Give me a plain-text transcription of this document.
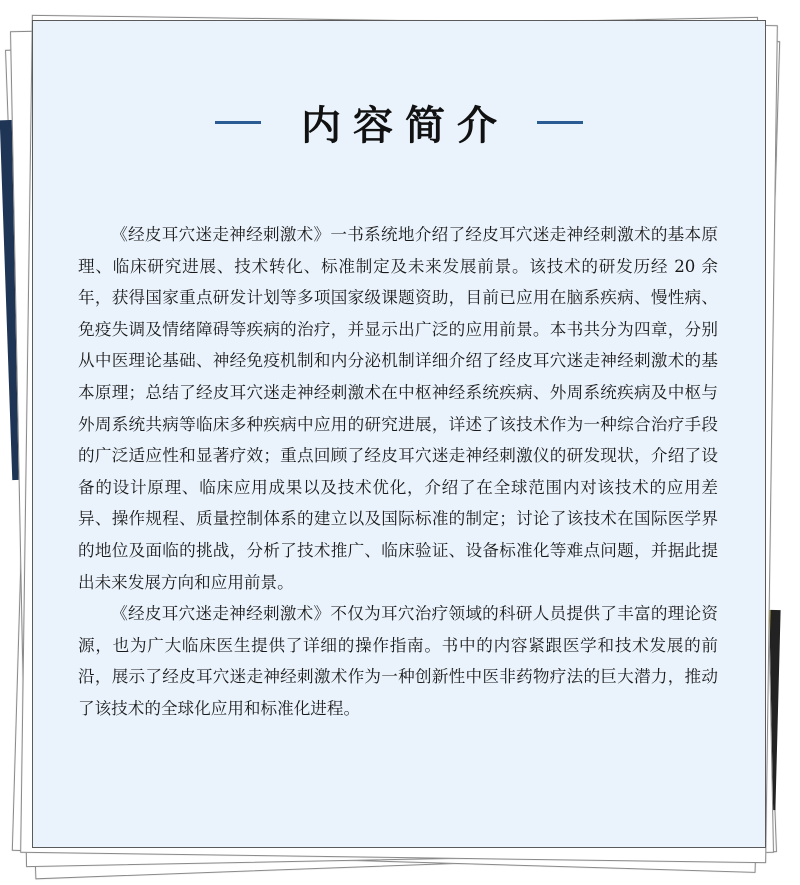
内容简介

《经皮耳穴迷走神经刺激术》一书系统地介绍了经皮耳穴迷走神经刺激术的基本原理、临床研究进展、技术转化、标准制定及未来发展前景。该技术的研发历经 20 余年，获得国家重点研发计划等多项国家级课题资助，目前已应用在脑系疾病、慢性病、免疫失调及情绪障碍等疾病的治疗，并显示出广泛的应用前景。本书共分为四章，分别从中医理论基础、神经免疫机制和内分泌机制详细介绍了经皮耳穴迷走神经刺激术的基本原理；总结了经皮耳穴迷走神经刺激术在中枢神经系统疾病、外周系统疾病及中枢与外周系统共病等临床多种疾病中应用的研究进展，详述了该技术作为一种综合治疗手段的广泛适应性和显著疗效；重点回顾了经皮耳穴迷走神经刺激仪的研发现状，介绍了设备的设计原理、临床应用成果以及技术优化，介绍了在全球范围内对该技术的应用差异、操作规程、质量控制体系的建立以及国际标准的制定；讨论了该技术在国际医学界的地位及面临的挑战，分析了技术推广、临床验证、设备标准化等难点问题，并据此提出未来发展方向和应用前景。

《经皮耳穴迷走神经刺激术》不仅为耳穴治疗领域的科研人员提供了丰富的理论资源，也为广大临床医生提供了详细的操作指南。书中的内容紧跟医学和技术发展的前沿，展示了经皮耳穴迷走神经刺激术作为一种创新性中医非药物疗法的巨大潜力，推动了该技术的全球化应用和标准化进程。
